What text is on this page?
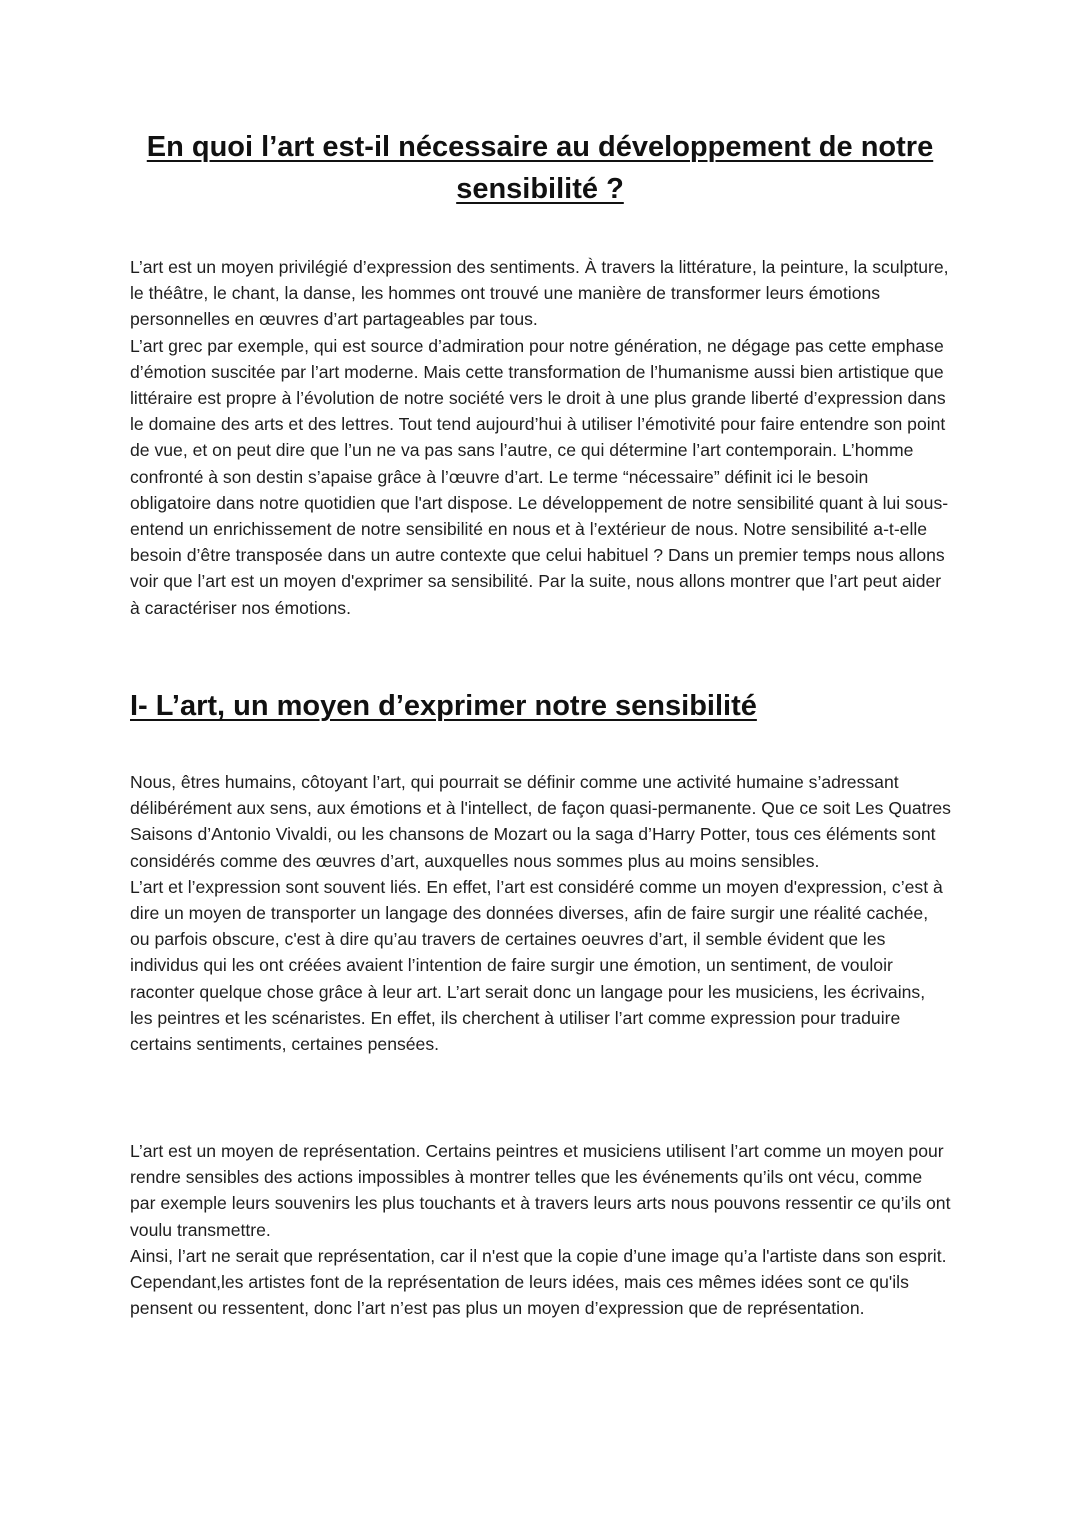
En quoi l’art est-il nécessaire au développement de notre sensibilité ?

L’art est un moyen privilégié d’expression des sentiments. À travers la littérature, la peinture, la sculpture, le théâtre, le chant, la danse, les hommes ont trouvé une manière de transformer leurs émotions personnelles en œuvres d’art partageables par tous.

L’art grec par exemple, qui est source d’admiration pour notre génération, ne dégage pas cette emphase d’émotion suscitée par l’art moderne. Mais cette transformation de l’humanisme aussi bien artistique que littéraire est propre à l’évolution de notre société vers le droit à une plus grande liberté d’expression dans le domaine des arts et des lettres. Tout tend aujourd’hui à utiliser l’émotivité pour faire entendre son point de vue, et on peut dire que l’un ne va pas sans l’autre, ce qui détermine l’art contemporain. L’homme confronté à son destin s’apaise grâce à l’œuvre d’art. Le terme “nécessaire” définit ici le besoin obligatoire dans notre quotidien que l'art dispose. Le développement de notre sensibilité quant à lui sous-entend un enrichissement de notre sensibilité en nous et à l’extérieur de nous. Notre sensibilité a-t-elle besoin d’être transposée dans un autre contexte que celui habituel ? Dans un premier temps nous allons voir que l’art est un moyen d'exprimer sa sensibilité. Par la suite, nous allons montrer que l’art peut aider à caractériser nos émotions.

I- L’art, un moyen d’exprimer notre sensibilité

Nous, êtres humains, côtoyant l’art, qui pourrait se définir comme une activité humaine s’adressant délibérément aux sens, aux émotions et à l'intellect, de façon quasi-permanente. Que ce soit Les Quatres Saisons d’Antonio Vivaldi, ou les chansons de Mozart ou la saga d’Harry Potter, tous ces éléments sont considérés comme des œuvres d’art, auxquelles nous sommes plus au moins sensibles.

L’art et l’expression sont souvent liés. En effet, l’art est considéré comme un moyen d'expression, c’est à dire un moyen de transporter un langage des données diverses, afin de faire surgir une réalité cachée, ou parfois obscure, c'est à dire qu’au travers de certaines oeuvres d’art, il semble évident que les individus qui les ont créées avaient l’intention de faire surgir une émotion, un sentiment, de vouloir raconter quelque chose grâce à leur art. L’art serait donc un langage pour les musiciens, les écrivains, les peintres et les scénaristes. En effet, ils cherchent à utiliser l’art comme expression pour traduire certains sentiments, certaines pensées.

L’art est un moyen de représentation. Certains peintres et musiciens utilisent l’art comme un moyen pour rendre sensibles des actions impossibles à montrer telles que les événements qu’ils ont vécu, comme par exemple leurs souvenirs les plus touchants et à travers leurs arts nous pouvons ressentir ce qu’ils ont voulu transmettre.

Ainsi, l’art ne serait que représentation, car il n'est que la copie d’une image qu’a l'artiste dans son esprit. Cependant,les artistes font de la représentation de leurs idées, mais ces mêmes idées sont ce qu'ils pensent ou ressentent, donc l’art n’est pas plus un moyen d’expression que de représentation.
